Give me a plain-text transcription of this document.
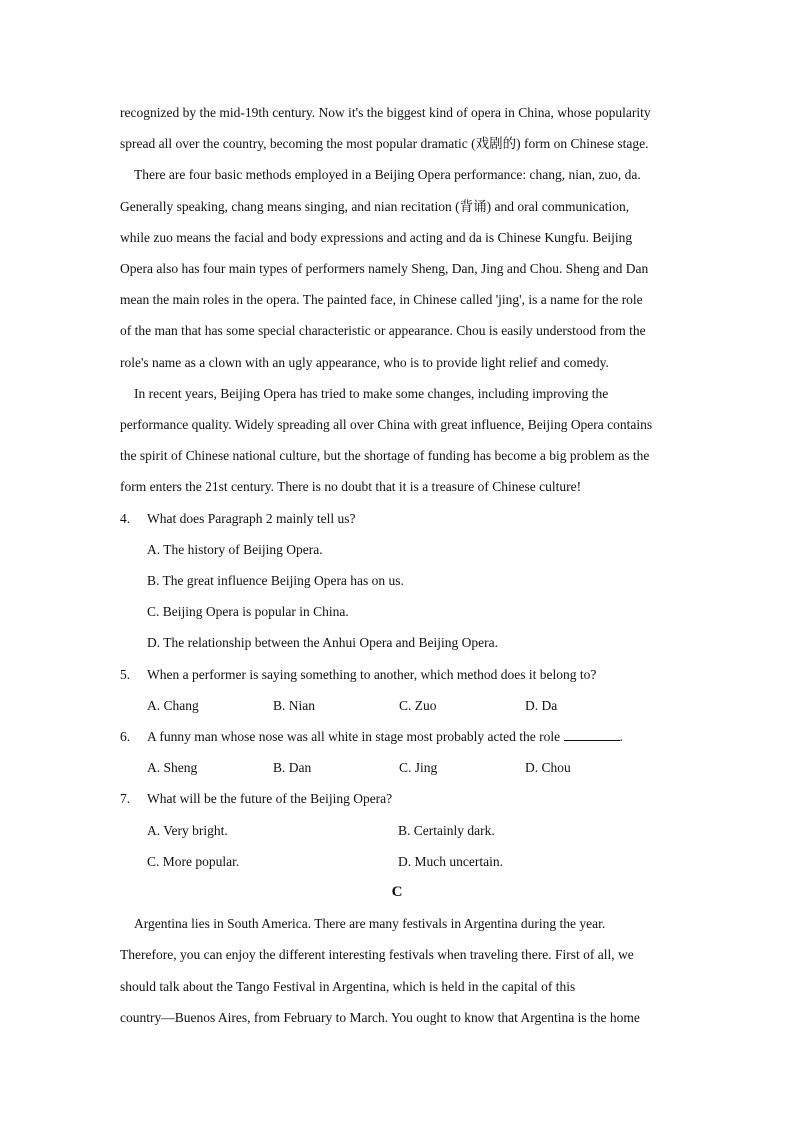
recognized by the mid-19th century. Now it's the biggest kind of opera in China, whose popularity

spread all over the country, becoming the most popular dramatic (戏剧的) form on Chinese stage.

There are four basic methods employed in a Beijing Opera performance: chang, nian, zuo, da.

Generally speaking, chang means singing, and nian recitation (背诵) and oral communication,

while zuo means the facial and body expressions and acting and da is Chinese Kungfu. Beijing

Opera also has four main types of performers namely Sheng, Dan, Jing and Chou. Sheng and Dan

mean the main roles in the opera. The painted face, in Chinese called 'jing', is a name for the role

of the man that has some special characteristic or appearance. Chou is easily understood from the

role's name as a clown with an ugly appearance, who is to provide light relief and comedy.

In recent years, Beijing Opera has tried to make some changes, including improving the

performance quality. Widely spreading all over China with great influence, Beijing Opera contains

the spirit of Chinese national culture, but the shortage of funding has become a big problem as the

form enters the 21st century. There is no doubt that it is a treasure of Chinese culture!

4.	What does Paragraph 2 mainly tell us?
A. The history of Beijing Opera.
B. The great influence Beijing Opera has on us.
C. Beijing Opera is popular in China.
D. The relationship between the Anhui Opera and Beijing Opera.
5.	When a performer is saying something to another, which method does it belong to?
A. Chang	B. Nian	C. Zuo	D. Da
6.	A funny man whose nose was all white in stage most probably acted the role	.
A. Sheng	B. Dan	C. Jing	D. Chou
7.	What will be the future of the Beijing Opera?
A. Very bright.	B. Certainly dark.
C. More popular.	D. Much uncertain.
C

Argentina lies in South America. There are many festivals in Argentina during the year.

Therefore, you can enjoy the different interesting festivals when traveling there. First of all, we

should talk about the Tango Festival in Argentina, which is held in the capital of this

country—Buenos Aires, from February to March. You ought to know that Argentina is the home
